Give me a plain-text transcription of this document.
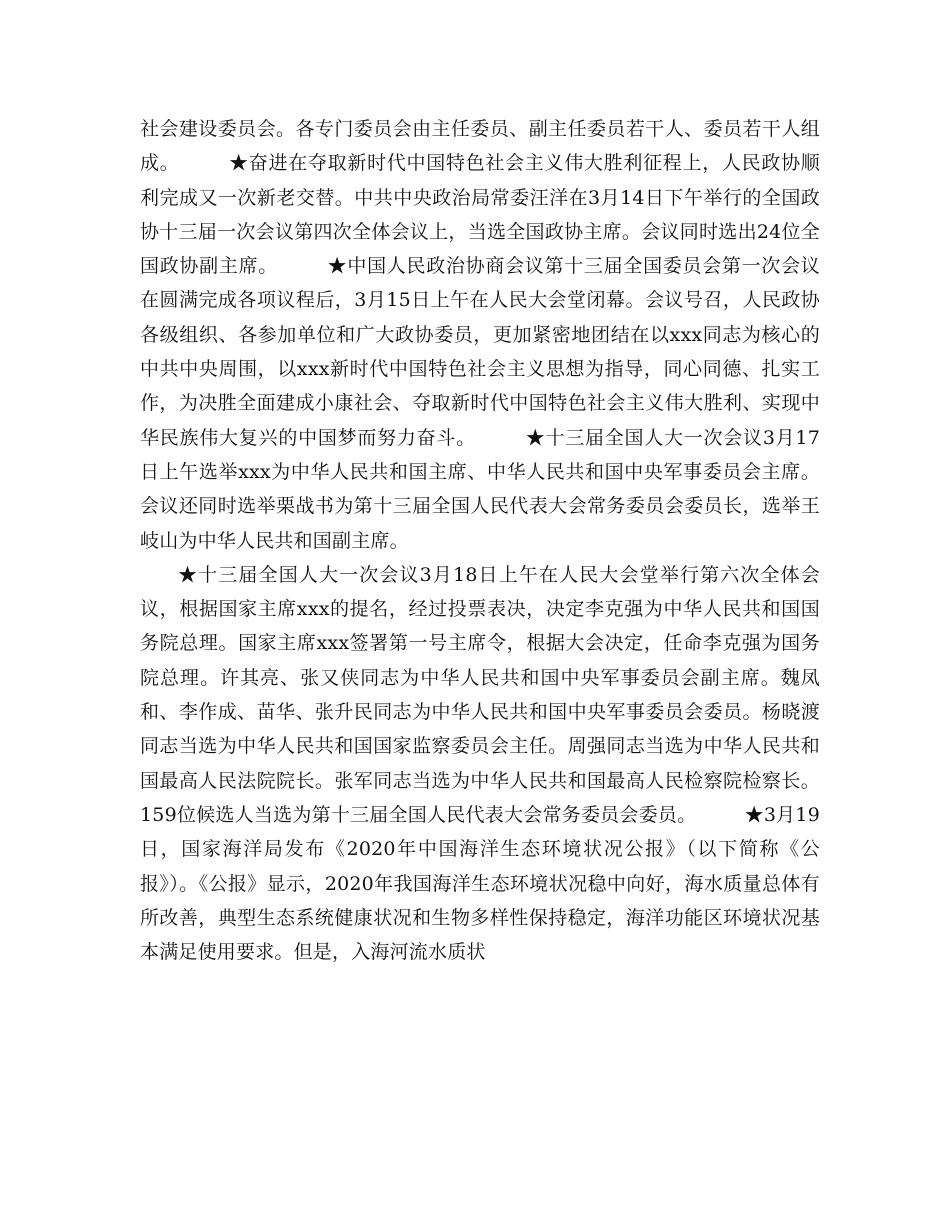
社会建设委员会。各专门委员会由主任委员、副主任委员若干人、委员若干人组成。　　　★奋进在夺取新时代中国特色社会主义伟大胜利征程上，人民政协顺利完成又一次新老交替。中共中央政治局常委汪洋在3月14日下午举行的全国政协十三届一次会议第四次全体会议上，当选全国政协主席。会议同时选出24位全国政协副主席。　　　★中国人民政治协商会议第十三届全国委员会第一次会议在圆满完成各项议程后，3月15日上午在人民大会堂闭幕。会议号召，人民政协各级组织、各参加单位和广大政协委员，更加紧密地团结在以xxx同志为核心的中共中央周围，以xxx新时代中国特色社会主义思想为指导，同心同德、扎实工作，为决胜全面建成小康社会、夺取新时代中国特色社会主义伟大胜利、实现中华民族伟大复兴的中国梦而努力奋斗。　　　★十三届全国人大一次会议3月17日上午选举xxx为中华人民共和国主席、中华人民共和国中央军事委员会主席。会议还同时选举栗战书为第十三届全国人民代表大会常务委员会委员长，选举王岐山为中华人民共和国副主席。

★十三届全国人大一次会议3月18日上午在人民大会堂举行第六次全体会议，根据国家主席xxx的提名，经过投票表决，决定李克强为中华人民共和国国务院总理。国家主席xxx签署第一号主席令，根据大会决定，任命李克强为国务院总理。许其亮、张又侠同志为中华人民共和国中央军事委员会副主席。魏凤和、李作成、苗华、张升民同志为中华人民共和国中央军事委员会委员。杨晓渡同志当选为中华人民共和国国家监察委员会主任。周强同志当选为中华人民共和国最高人民法院院长。张军同志当选为中华人民共和国最高人民检察院检察长。159位候选人当选为第十三届全国人民代表大会常务委员会委员。　　　★3月19日，国家海洋局发布《2020年中国海洋生态环境状况公报》（以下简称《公报》）。《公报》显示，2020年我国海洋生态环境状况稳中向好，海水质量总体有所改善，典型生态系统健康状况和生物多样性保持稳定，海洋功能区环境状况基本满足使用要求。但是，入海河流水质状
